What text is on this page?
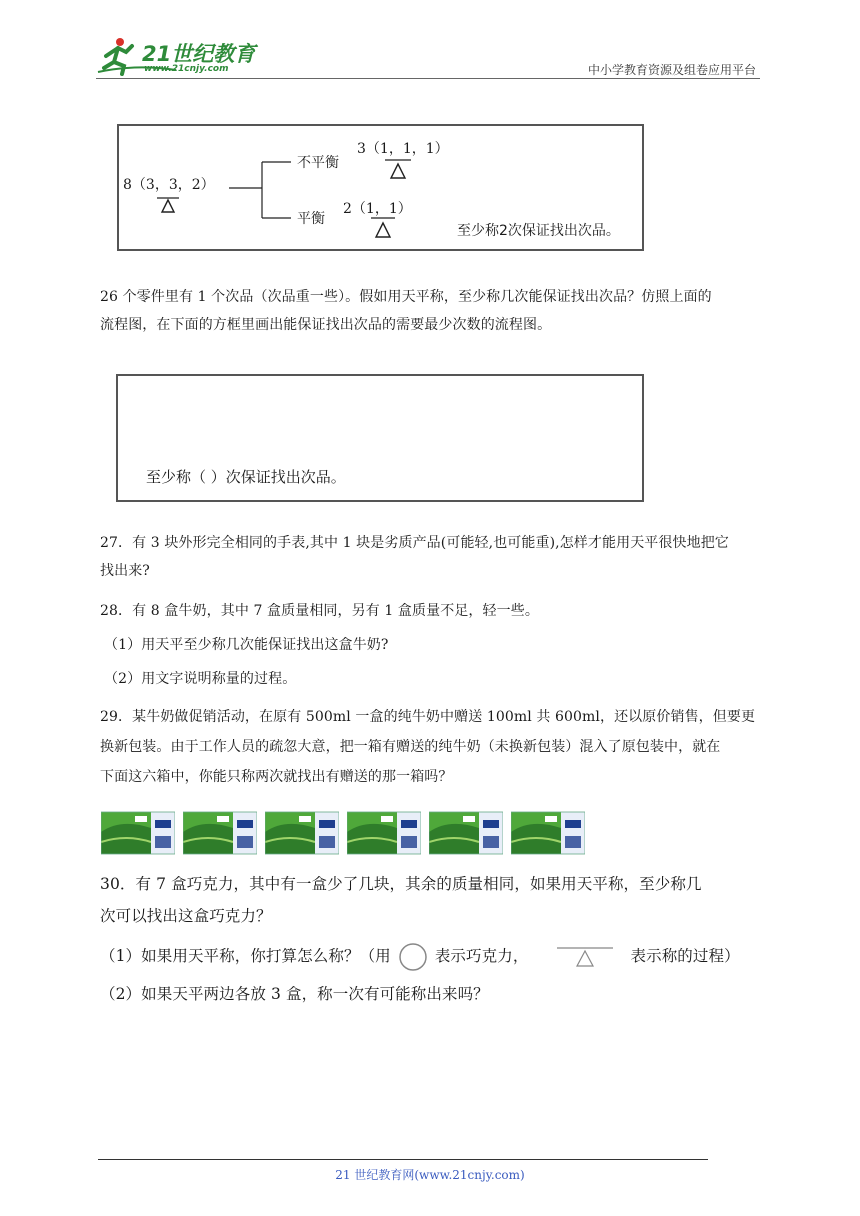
21世纪教育
www.21cnjy.com	中小学教育资源及组卷应用平台
8（3，3，2）
不平衡
3（1，1，1）
平衡
2（1，1）
至少称2次保证找出次品。
26 个零件里有 1 个次品（次品重一些）。假如用天平称，至少称几次能保证找出次品？仿照上面的
流程图，在下面的方框里画出能保证找出次品的需要最少次数的流程图。
至少称（ ）次保证找出次品。
27．有 3 块外形完全相同的手表,其中 1 块是劣质产品(可能轻,也可能重),怎样才能用天平很快地把它
找出来?
28．有 8 盒牛奶，其中 7 盒质量相同，另有 1 盒质量不足，轻一些。
（1）用天平至少称几次能保证找出这盒牛奶?
（2）用文字说明称量的过程。
29．某牛奶做促销活动，在原有 500ml 一盒的纯牛奶中赠送 100ml 共 600ml，还以原价销售，但要更
换新包装。由于工作人员的疏忽大意，把一箱有赠送的纯牛奶（未换新包装）混入了原包装中，就在
下面这六箱中，你能只称两次就找出有赠送的那一箱吗？
30．有 7 盒巧克力，其中有一盒少了几块，其余的质量相同，如果用天平称，至少称几
次可以找出这盒巧克力？
（1）如果用天平称，你打算怎么称？（用	表示巧克力，	表示称的过程）
（2）如果天平两边各放 3 盒，称一次有可能称出来吗？
21 世纪教育网(www.21cnjy.com)
